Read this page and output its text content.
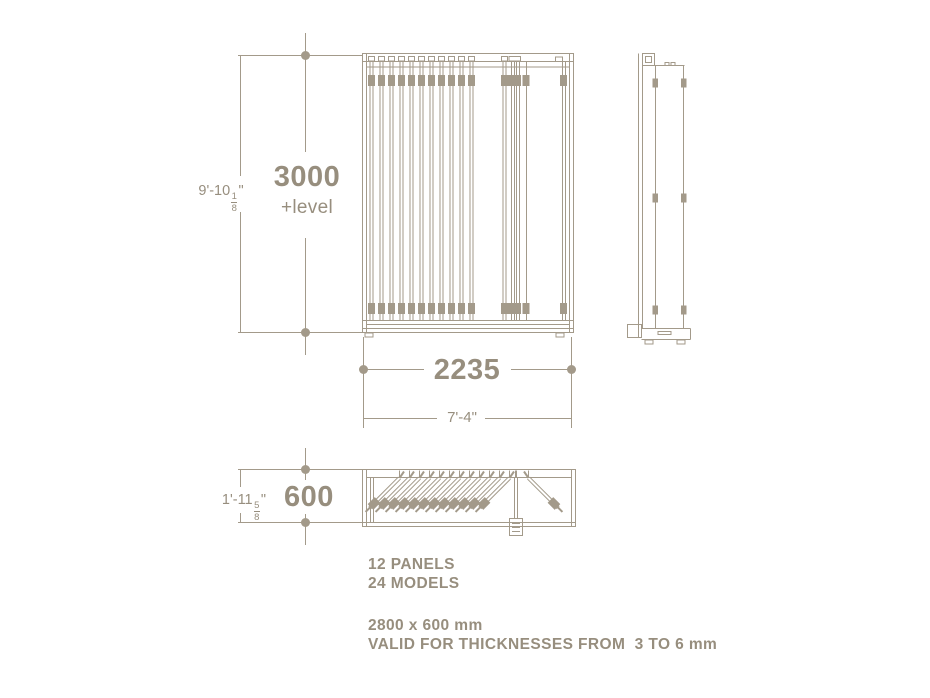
3000
+level
9'-10
$\frac{1}{8}$
"
2235
7'-4"
600
1'-11
$\frac{5}{8}$
"
12 PANELS
24 MODELS
2800 x 600 mm
VALID FOR THICKNESSES FROM  3 TO 6 mm
